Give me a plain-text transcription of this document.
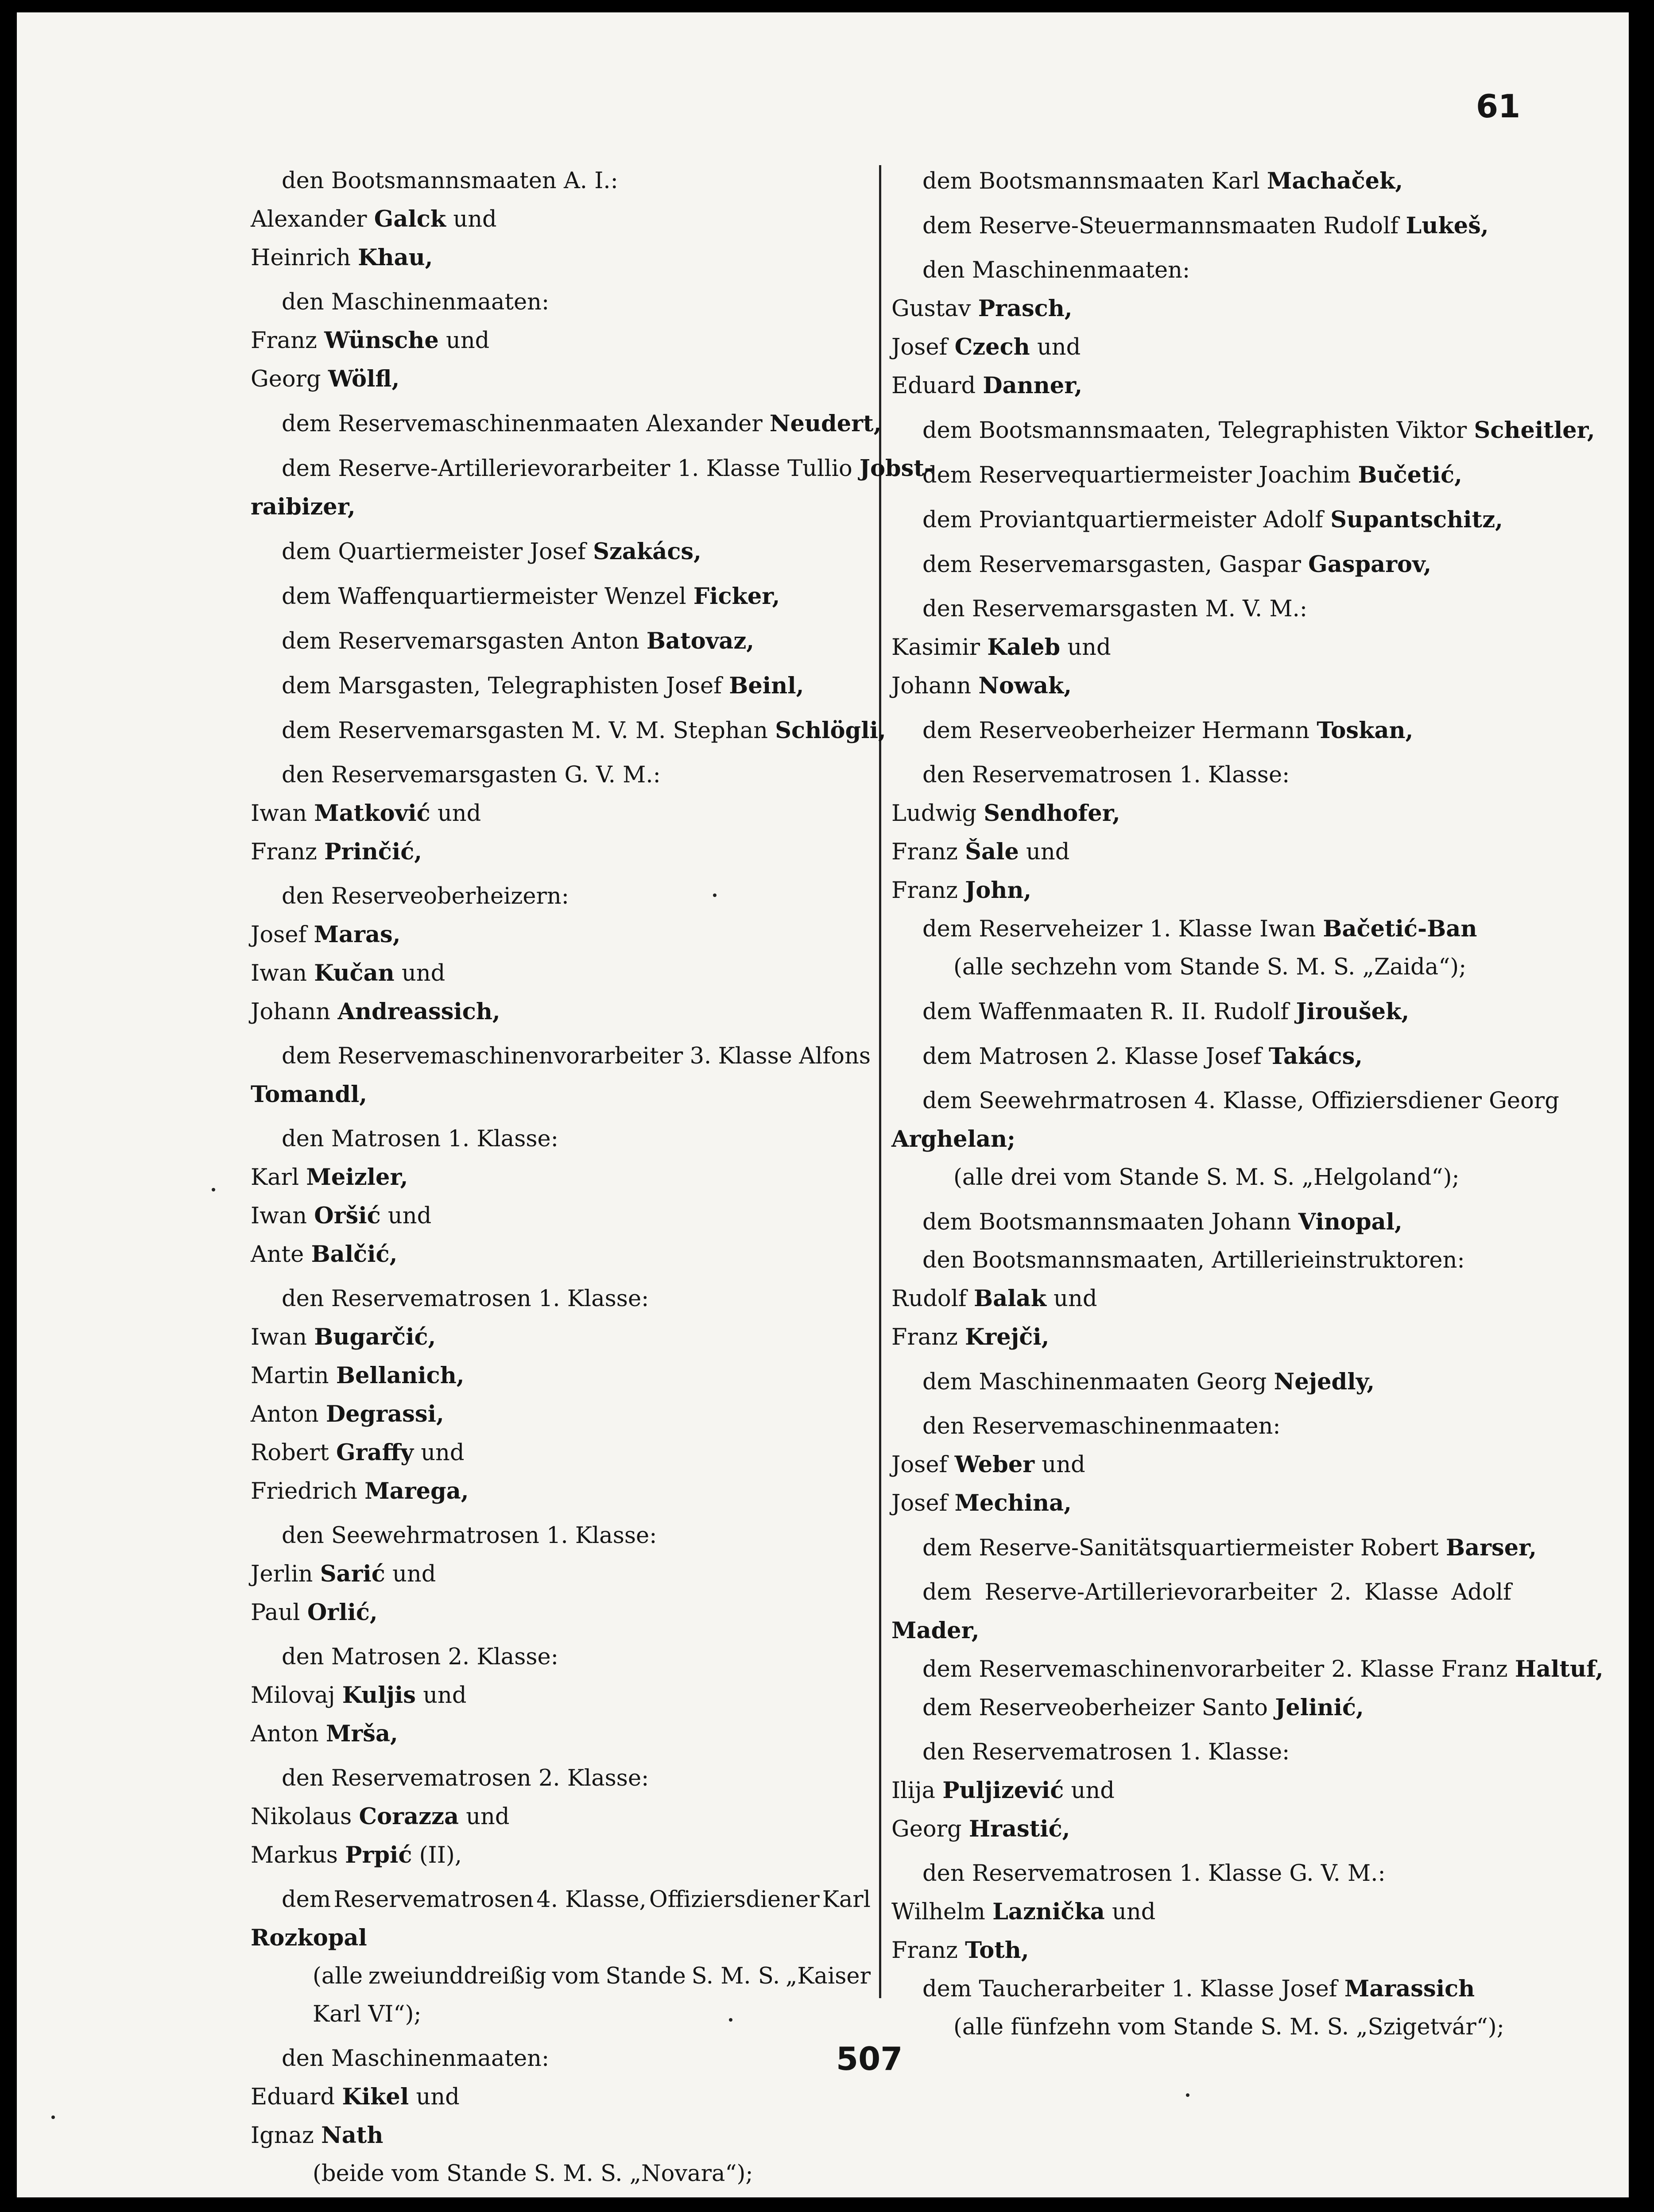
61

den Bootsmannsmaaten A. I.:
Alexander Galck und
Heinrich Khau,
den Maschinenmaaten:
Franz Wünsche und
Georg Wölfl,
dem Reservemaschinenmaaten Alexander Neudert,
dem Reserve-Artillerievorarbeiter 1. Klasse Tullio Jobst-
raibizer,
dem Quartiermeister Josef Szakács,
dem Waffenquartiermeister Wenzel Ficker,
dem Reservemarsgasten Anton Batovaz,
dem Marsgasten, Telegraphisten Josef Beinl,
dem Reservemarsgasten M. V. M. Stephan Schlögli,
den Reservemarsgasten G. V. M.:
Iwan Matković und
Franz Prinčić,
den Reserveoberheizern:
Josef Maras,
Iwan Kučan und
Johann Andreassich,
dem Reservemaschinenvorarbeiter 3. Klasse Alfons
Tomandl,
den Matrosen 1. Klasse:
Karl Meizler,
Iwan Oršić und
Ante Balčić,
den Reservematrosen 1. Klasse:
Iwan Bugarčić,
Martin Bellanich,
Anton Degrassi,
Robert Graffy und
Friedrich Marega,
den Seewehrmatrosen 1. Klasse:
Jerlin Sarić und
Paul Orlić,
den Matrosen 2. Klasse:
Milovaj Kuljis und
Anton Mrša,
den Reservematrosen 2. Klasse:
Nikolaus Corazza und
Markus Prpić (II),
dem Reservematrosen 4. Klasse, Offiziersdiener Karl
Rozkopal
(alle zweiunddreißig vom Stande S. M. S. „Kaiser
Karl VI“);
den Maschinenmaaten:
Eduard Kikel und
Ignaz Nath
(beide vom Stande S. M. S. „Novara“);
dem Bootsmannsmaaten Karl Machaček,
dem Reserve-Steuermannsmaaten Rudolf Lukeš,
den Maschinenmaaten:
Gustav Prasch,
Josef Czech und
Eduard Danner,
dem Bootsmannsmaaten, Telegraphisten Viktor Scheitler,
dem Reservequartiermeister Joachim Bučetić,
dem Proviantquartiermeister Adolf Supantschitz,
dem Reservemarsgasten, Gaspar Gasparov,
den Reservemarsgasten M. V. M.:
Kasimir Kaleb und
Johann Nowak,
dem Reserveoberheizer Hermann Toskan,
den Reservematrosen 1. Klasse:
Ludwig Sendhofer,
Franz Šale und
Franz John,
dem Reserveheizer 1. Klasse Iwan Bačetić-Ban
(alle sechzehn vom Stande S. M. S. „Zaida“);
dem Waffenmaaten R. II. Rudolf Jiroušek,
dem Matrosen 2. Klasse Josef Takács,
dem Seewehrmatrosen 4. Klasse, Offiziersdiener Georg
Arghelan;
(alle drei vom Stande S. M. S. „Helgoland“);
dem Bootsmannsmaaten Johann Vinopal,
den Bootsmannsmaaten, Artillerieinstruktoren:
Rudolf Balak und
Franz Krejči,
dem Maschinenmaaten Georg Nejedly,
den Reservemaschinenmaaten:
Josef Weber und
Josef Mechina,
dem Reserve-Sanitätsquartiermeister Robert Barser,
dem Reserve-Artillerievorarbeiter 2. Klasse Adolf
Mader,
dem Reservemaschinenvorarbeiter 2. Klasse Franz Haltuf,
dem Reserveoberheizer Santo Jelinić,
den Reservematrosen 1. Klasse:
Ilija Puljizević und
Georg Hrastić,
den Reservematrosen 1. Klasse G. V. M.:
Wilhelm Lazničk​a und
Franz Toth,
dem Taucherarbeiter 1. Klasse Josef Marassich
(alle fünfzehn vom Stande S. M. S. „Szigetvár“);

507
